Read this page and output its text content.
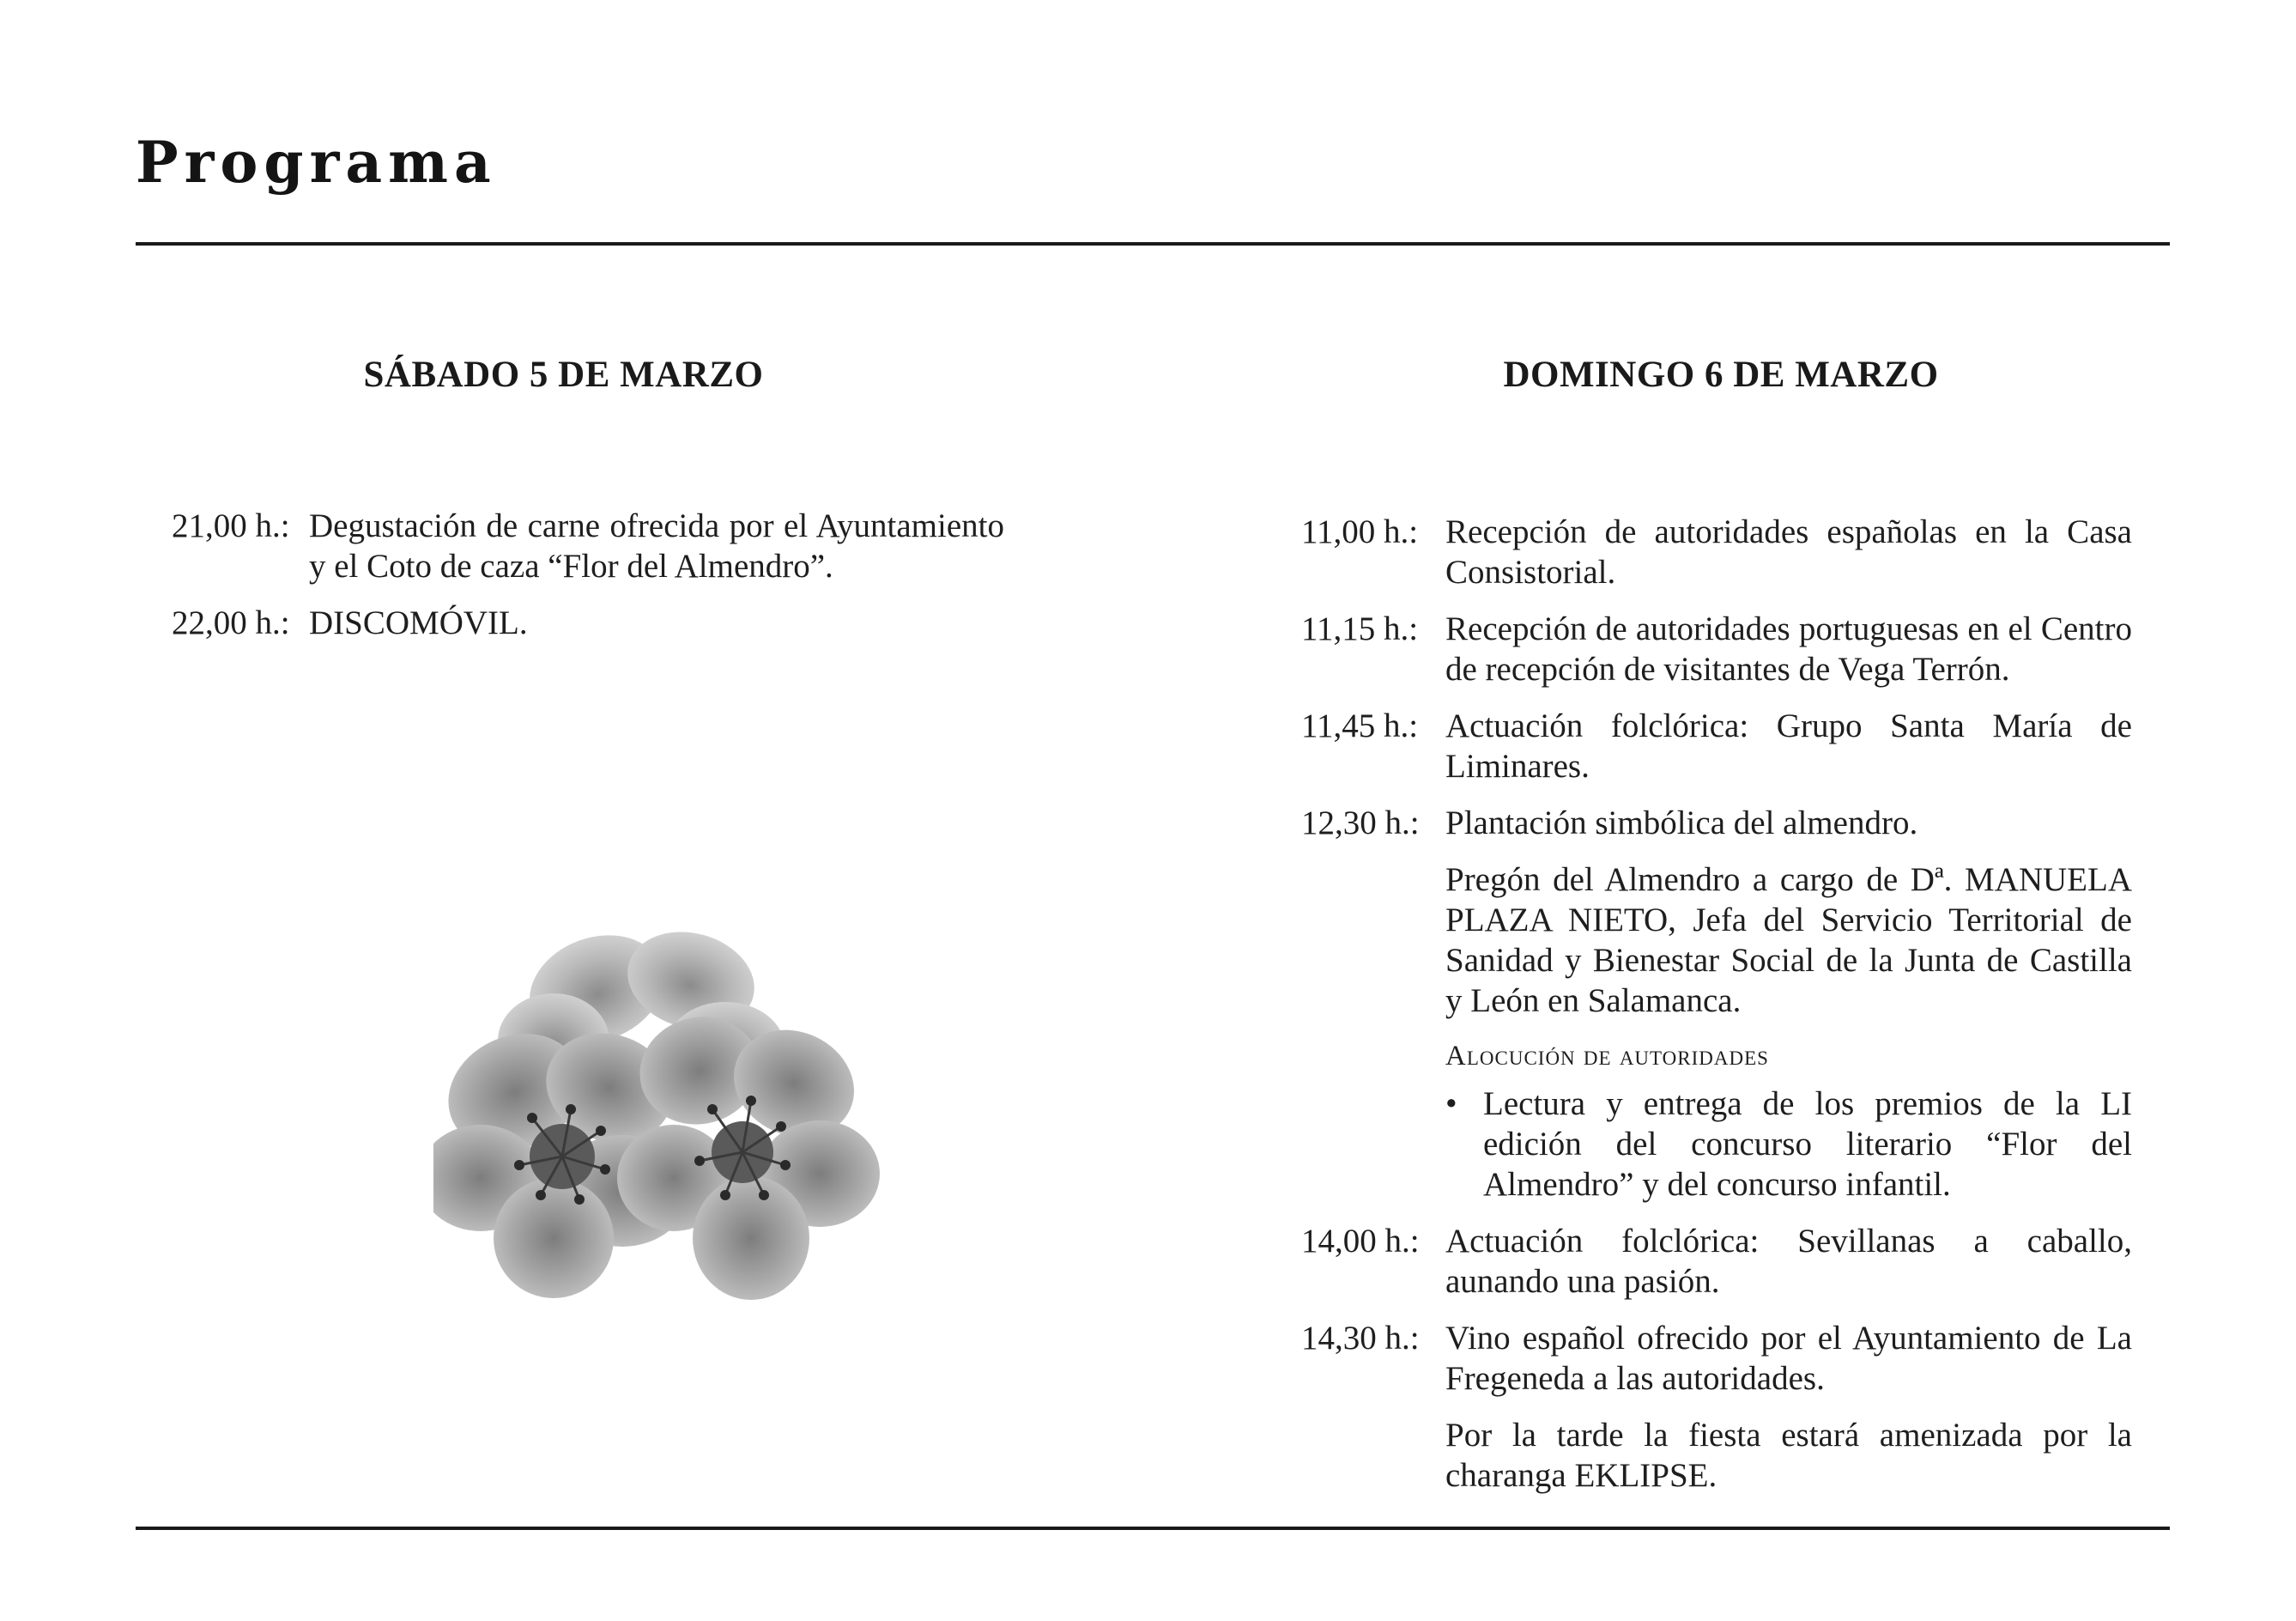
Programa
SÁBADO 5 DE MARZO
21,00 h.: Degustación de carne ofrecida por el Ayuntamiento y el Coto de caza “Flor del Almendro”.
22,00 h.: DISCOMÓVIL.
DOMINGO 6 DE MARZO
11,00 h.: Recepción de autoridades españolas en la Casa Consistorial.
11,15 h.: Recepción de autoridades portuguesas en el Centro de recepción de visitantes de Vega Terrón.
11,45 h.: Actuación folclórica: Grupo Santa María de Liminares.
12,30 h.: Plantación simbólica del almendro.

Pregón del Almendro a cargo de Dª. MANUELA PLAZA NIETO, Jefa del Servicio Territorial de Sanidad y Bienestar Social de la Junta de Castilla y León en Salamanca.

Alocución de autoridades
• Lectura y entrega de los premios de la LI edición del concurso literario “Flor del Almendro” y del concurso infantil.
14,00 h.: Actuación folclórica: Sevillanas a caballo, aunando una pasión.
14,30 h.: Vino español ofrecido por el Ayuntamiento de La Fregeneda a las autoridades.

Por la tarde la fiesta estará amenizada por la charanga EKLIPSE.
